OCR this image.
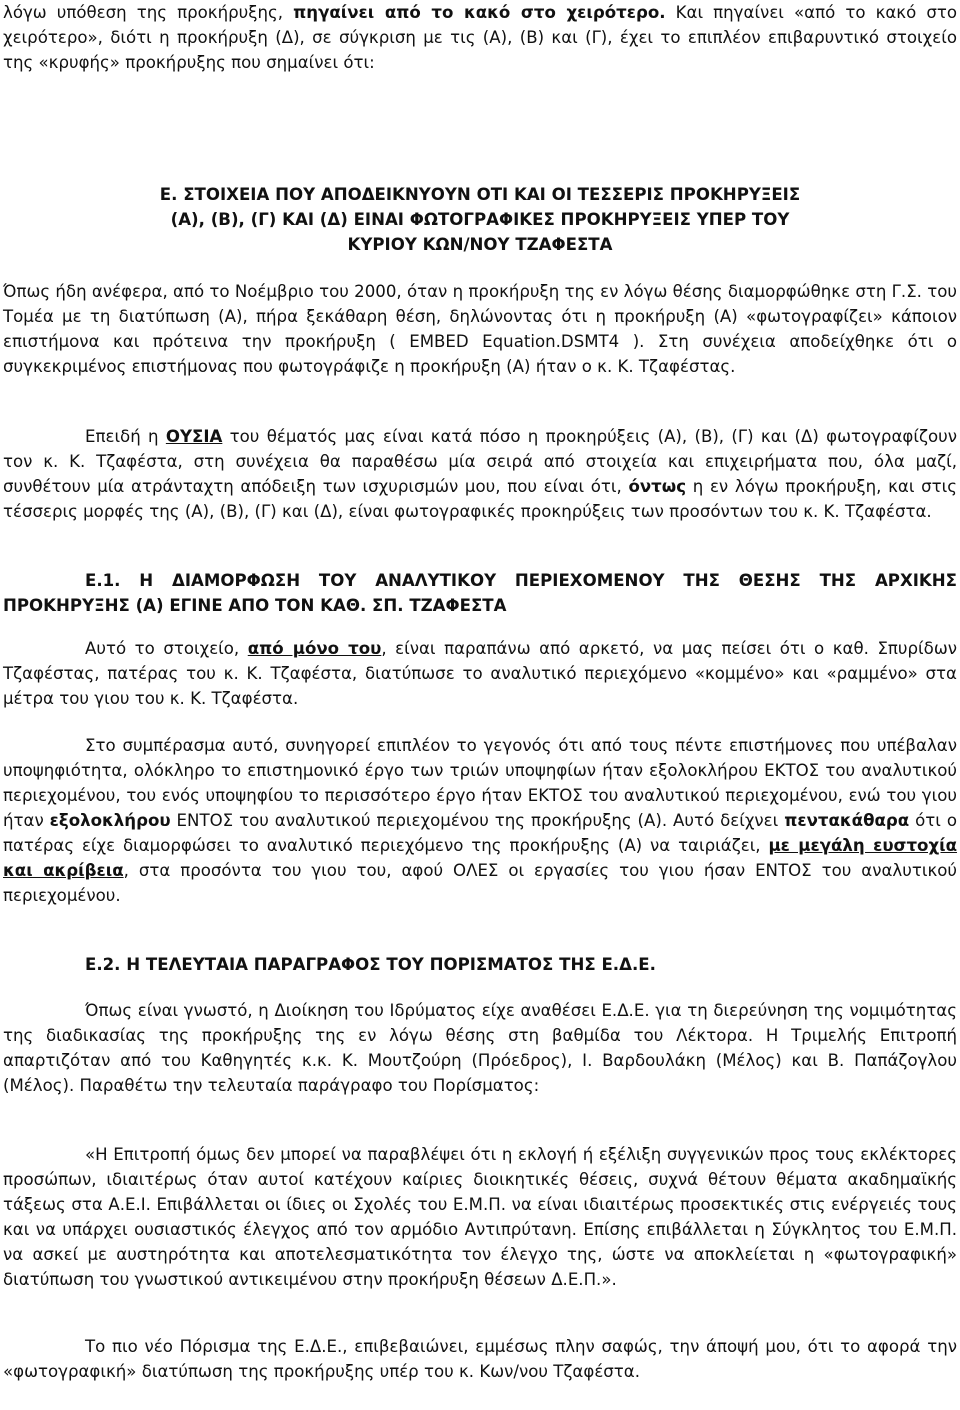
λόγω υπόθεση της προκήρυξης, πηγαίνει από το κακό στο χειρότερο. Και πηγαίνει «από το κακό στο χειρότερο», διότι η προκήρυξη (Δ), σε σύγκριση με τις (Α), (Β) και (Γ), έχει το επιπλέον επιβαρυντικό στοιχείο της «κρυφής» προκήρυξης που σημαίνει ότι:

Ε. ΣΤΟΙΧΕΙΑ ΠΟΥ ΑΠΟΔΕΙΚΝΥΟΥΝ ΟΤΙ ΚΑΙ ΟΙ ΤΕΣΣΕΡΙΣ ΠΡΟΚΗΡΥΞΕΙΣ
(Α), (Β), (Γ) ΚΑΙ (Δ) ΕΙΝΑΙ ΦΩΤΟΓΡΑΦΙΚΕΣ ΠΡΟΚΗΡΥΞΕΙΣ ΥΠΕΡ ΤΟΥ
ΚΥΡΙΟΥ ΚΩΝ/ΝΟΥ ΤΖΑΦΕΣΤΑ

Όπως ήδη ανέφερα, από το Νοέμβριο του 2000, όταν η προκήρυξη της εν λόγω θέσης διαμορφώθηκε στη Γ.Σ. του Τομέα με τη διατύπωση (Α), πήρα ξεκάθαρη θέση, δηλώνοντας ότι η προκήρυξη (Α) «φωτογραφίζει» κάποιον επιστήμονα και πρότεινα την προκήρυξη ( EMBED Equation.DSMT4 ). Στη συνέχεια αποδείχθηκε ότι ο συγκεκριμένος επιστήμονας που φωτογράφιζε η προκήρυξη (Α) ήταν ο κ. Κ. Τζαφέστας.

Επειδή η ΟΥΣΙΑ του θέματός μας είναι κατά πόσο η προκηρύξεις (Α), (Β), (Γ) και (Δ) φωτογραφίζουν τον κ. Κ. Τζαφέστα, στη συνέχεια θα παραθέσω μία σειρά από στοιχεία και επιχειρήματα που, όλα μαζί, συνθέτουν μία ατράνταχτη απόδειξη των ισχυρισμών μου, που είναι ότι, όντως η εν λόγω προκήρυξη, και στις τέσσερις μορφές της (Α), (Β), (Γ) και (Δ), είναι φωτογραφικές προκηρύξεις των προσόντων του κ. Κ. Τζαφέστα.

Ε.1. Η ΔΙΑΜΟΡΦΩΣΗ ΤΟΥ ΑΝΑΛΥΤΙΚΟΥ ΠΕΡΙΕΧΟΜΕΝΟΥ ΤΗΣ ΘΕΣΗΣ ΤΗΣ ΑΡΧΙΚΗΣ ΠΡΟΚΗΡΥΞΗΣ (Α) ΕΓΙΝΕ ΑΠΟ ΤΟΝ ΚΑΘ. ΣΠ. ΤΖΑΦΕΣΤΑ

Αυτό το στοιχείο, από μόνο του, είναι παραπάνω από αρκετό, να μας πείσει ότι ο καθ. Σπυρίδων Τζαφέστας, πατέρας του κ. Κ. Τζαφέστα, διατύπωσε το αναλυτικό περιεχόμενο «κομμένο» και «ραμμένο» στα μέτρα του γιου του κ. Κ. Τζαφέστα.

Στο συμπέρασμα αυτό, συνηγορεί επιπλέον το γεγονός ότι από τους πέντε επιστήμονες που υπέβαλαν υποψηφιότητα, ολόκληρο το επιστημονικό έργο των τριών υποψηφίων ήταν εξολοκλήρου ΕΚΤΟΣ του αναλυτικού περιεχομένου, του ενός υποψηφίου το περισσότερο έργο ήταν ΕΚΤΟΣ του αναλυτικού περιεχομένου, ενώ του γιου ήταν εξολοκλήρου ΕΝΤΟΣ του αναλυτικού περιεχομένου της προκήρυξης (Α). Αυτό δείχνει πεντακάθαρα ότι ο πατέρας είχε διαμορφώσει το αναλυτικό περιεχόμενο της προκήρυξης (Α) να ταιριάζει, με μεγάλη ευστοχία και ακρίβεια, στα προσόντα του γιου του, αφού ΟΛΕΣ οι εργασίες του γιου ήσαν ΕΝΤΟΣ του αναλυτικού περιεχομένου.

Ε.2. Η ΤΕΛΕΥΤΑΙΑ ΠΑΡΑΓΡΑΦΟΣ ΤΟΥ ΠΟΡΙΣΜΑΤΟΣ ΤΗΣ Ε.Δ.Ε.

Όπως είναι γνωστό, η Διοίκηση του Ιδρύματος είχε αναθέσει Ε.Δ.Ε. για τη διερεύνηση της νομιμότητας της διαδικασίας της προκήρυξης της εν λόγω θέσης στη βαθμίδα του Λέκτορα. Η Τριμελής Επιτροπή απαρτιζόταν από του Καθηγητές κ.κ. Κ. Μουτζούρη (Πρόεδρος), Ι. Βαρδουλάκη (Μέλος) και Β. Παπάζογλου (Μέλος). Παραθέτω την τελευταία παράγραφο του Πορίσματος:

«Η Επιτροπή όμως δεν μπορεί να παραβλέψει ότι η εκλογή ή εξέλιξη συγγενικών προς τους εκλέκτορες προσώπων, ιδιαιτέρως όταν αυτοί κατέχουν καίριες διοικητικές θέσεις, συχνά θέτουν θέματα ακαδημαϊκής τάξεως στα Α.Ε.Ι. Επιβάλλεται οι ίδιες οι Σχολές του Ε.Μ.Π. να είναι ιδιαιτέρως προσεκτικές στις ενέργειές τους και να υπάρχει ουσιαστικός έλεγχος από τον αρμόδιο Αντιπρύτανη. Επίσης επιβάλλεται η Σύγκλητος του Ε.Μ.Π. να ασκεί με αυστηρότητα και αποτελεσματικότητα τον έλεγχο της, ώστε να αποκλείεται η «φωτογραφική» διατύπωση του γνωστικού αντικειμένου στην προκήρυξη θέσεων Δ.Ε.Π.».

Το πιο νέο Πόρισμα της Ε.Δ.Ε., επιβεβαιώνει, εμμέσως πλην σαφώς, την άποψή μου, ότι το αφορά την «φωτογραφική» διατύπωση της προκήρυξης υπέρ του κ. Κων/νου Τζαφέστα.
